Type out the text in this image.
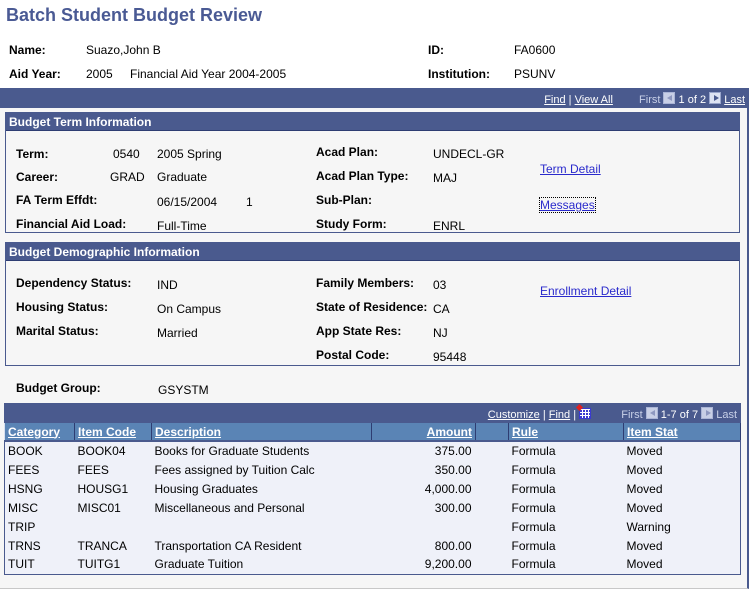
Batch Student Budget Review
Name:	Suazo,John B
Aid Year: 2005 Financial Aid Year 2004-2005
ID:	FA0600
Institution: PSUNV
Find | View All First 1 of 2 Last
Budget Term Information
Term:	0540 2005 Spring
Career:	GRAD Graduate
FA Term Effdt:	06/15/2004 1
Financial Aid Load:	Full-Time
Acad Plan:	UNDECL-GR
Acad Plan Type: MAJ
Sub-Plan:
Study Form:	ENRL
Term Detail
Messages
Budget Demographic Information
Dependency Status: IND
Housing Status:	On Campus
Marital Status:	Married
Family Members: 03
State of Residence: CA
App State Res:	NJ
Postal Code:	95448
Enrollment Detail
Budget Group:	GSYSTM
Customize | Find |	First 1-7 of 7 Last
Category	Item Code	Description	Amount		Rule	Item Stat
BOOK	BOOK04	Books for Graduate Students	375.00		Formula	Moved
FEES	FEES	Fees assigned by Tuition Calc	350.00		Formula	Moved
HSNG	HOUSG1	Housing Graduates	4,000.00		Formula	Moved
MISC	MISC01	Miscellaneous and Personal	300.00		Formula	Moved
TRIP					Formula	Warning
TRNS	TRANCA	Transportation CA Resident	800.00		Formula	Moved
TUIT	TUITG1	Graduate Tuition	9,200.00		Formula	Moved
